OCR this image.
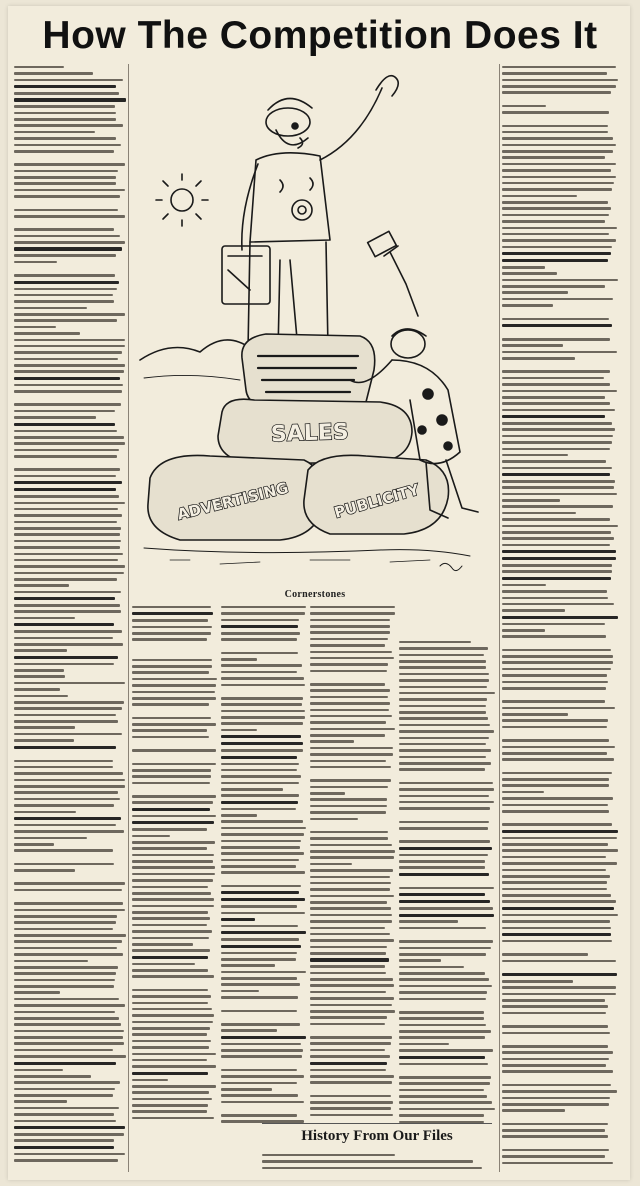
How The Competition Does It
SALES
ADVERTISING	PUBLICITY
Cornerstones
History From Our Files
